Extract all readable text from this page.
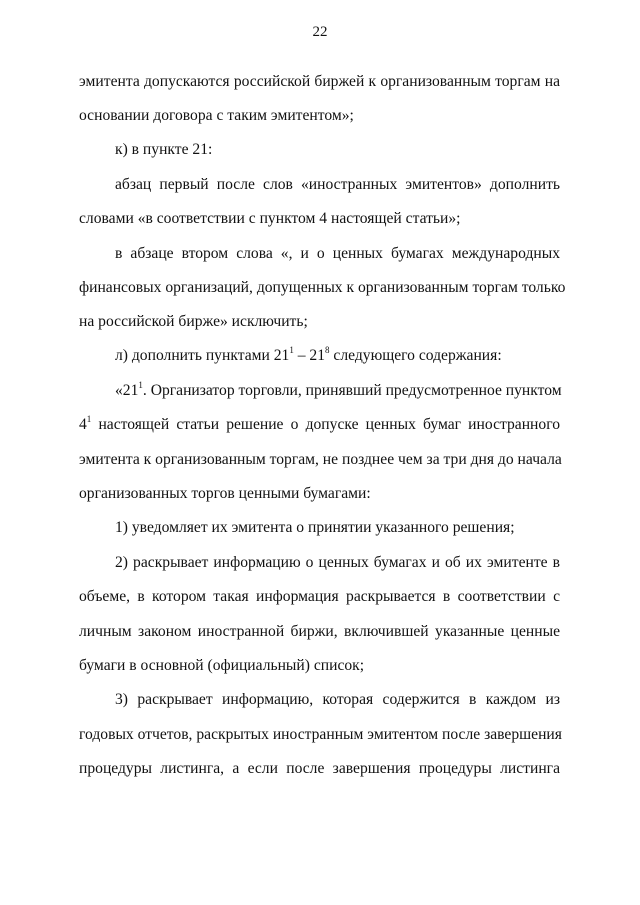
22
эмитента допускаются российской биржей к организованным торгам на
основании договора с таким эмитентом»;
к) в пункте 21:
абзац первый после слов «иностранных эмитентов» дополнить
словами «в соответствии с пунктом 4 настоящей статьи»;
в абзаце втором слова «, и о ценных бумагах международных
финансовых организаций, допущенных к организованным торгам только
на российской бирже» исключить;
л) дополнить пунктами $21^1 - 21^8$ следующего содержания:
«$21^1$. Организатор торговли, принявший предусмотренное пунктом
$4^1$ настоящей статьи решение о допуске ценных бумаг иностранного
эмитента к организованным торгам, не позднее чем за три дня до начала
организованных торгов ценными бумагами:
1) уведомляет их эмитента о принятии указанного решения;
2) раскрывает информацию о ценных бумагах и об их эмитенте в
объеме, в котором такая информация раскрывается в соответствии с
личным законом иностранной биржи, включившей указанные ценные
бумаги в основной (официальный) список;
3) раскрывает информацию, которая содержится в каждом из
годовых отчетов, раскрытых иностранным эмитентом после завершения
процедуры листинга, а если после завершения процедуры листинга
